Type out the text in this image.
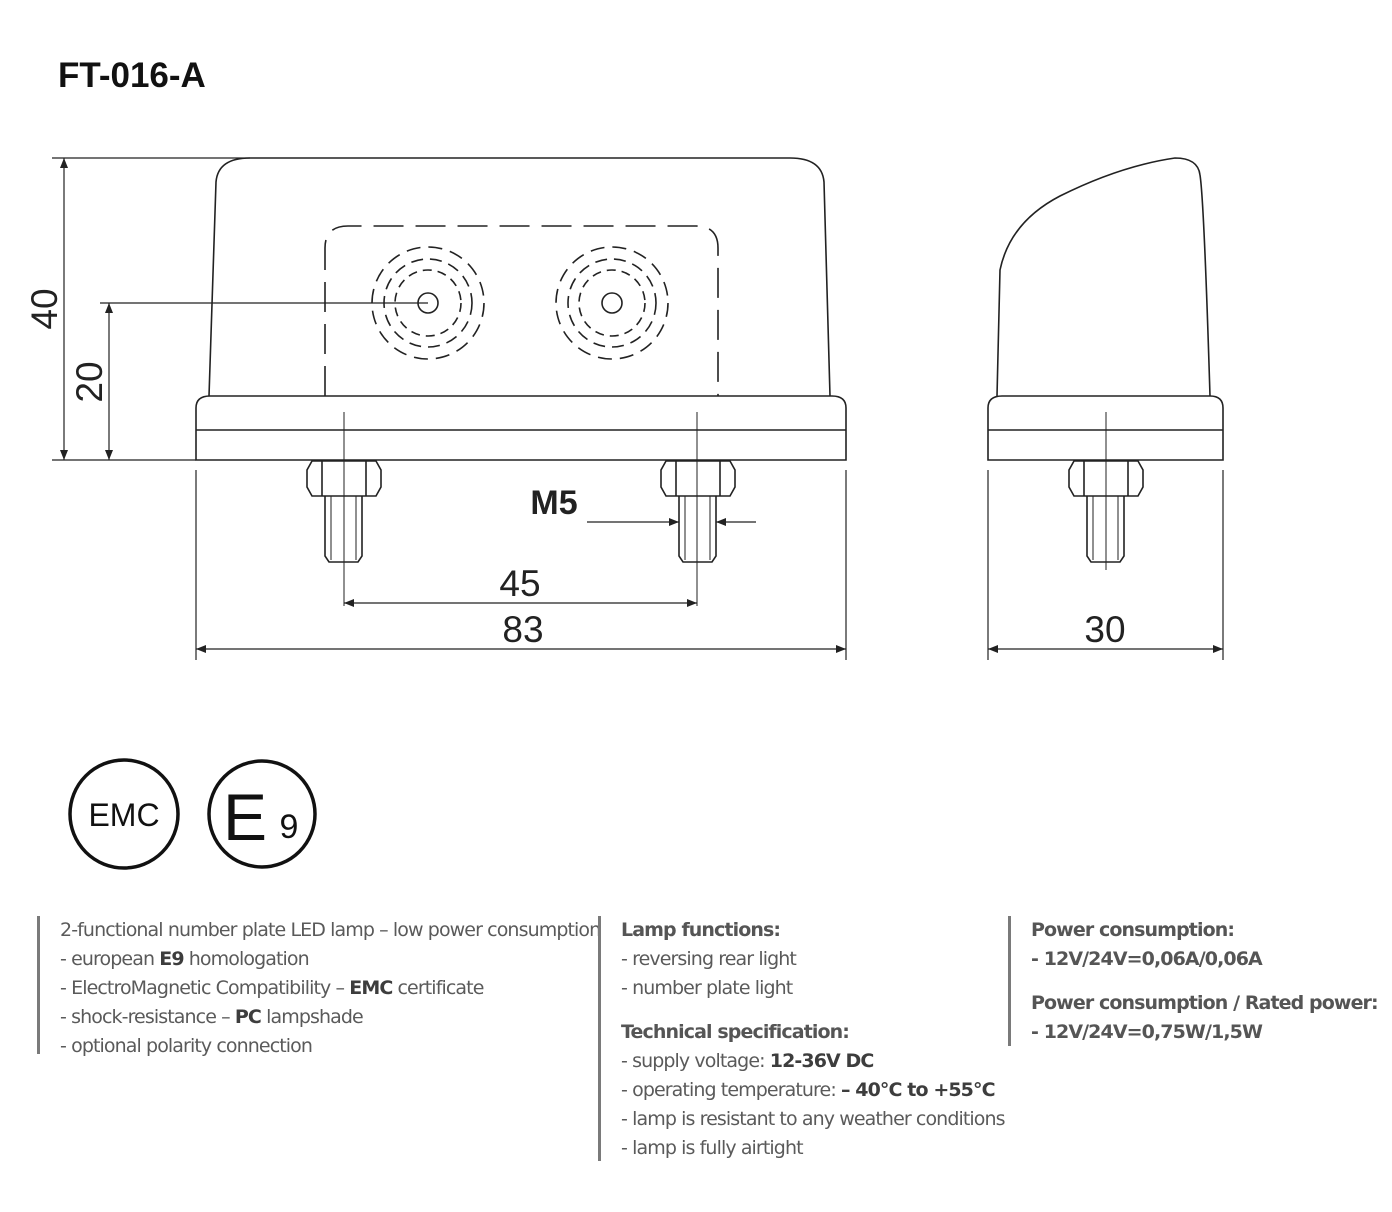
FT-016-A
40
20
M5
45
83	30
EMC E 9
2-functional number plate LED lamp – low power consumption
- european E9 homologation
- ElectroMagnetic Compatibility – EMC certificate
- shock-resistance – PC lampshade
- optional polarity connection
Lamp functions:
- reversing rear light
- number plate light
Technical specification:
- supply voltage: 12-36V DC
- operating temperature: – 40°C to +55°C
- lamp is resistant to any weather conditions
- lamp is fully airtight
Power consumption:
- 12V/24V=0,06A/0,06A
Power consumption / Rated power:
- 12V/24V=0,75W/1,5W
